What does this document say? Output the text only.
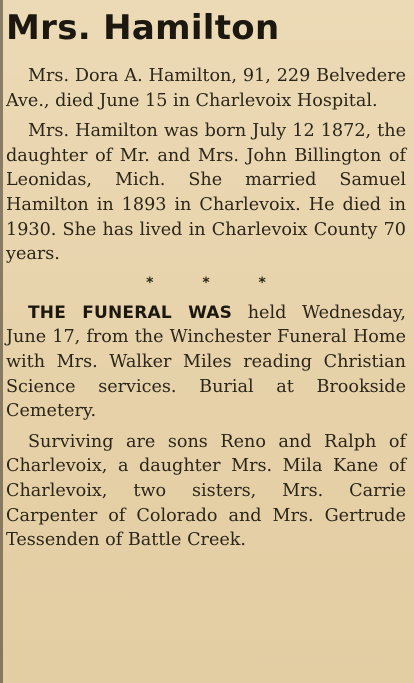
Mrs. Hamilton

Mrs. Dora A. Hamilton, 91, 229 Belvedere Ave., died June 15 in Charlevoix Hospital.

Mrs. Hamilton was born July 12 1872, the daughter of Mr. and Mrs. John Billington of Leonidas, Mich. She married Samuel Hamilton in 1893 in Charlevoix. He died in 1930. She has lived in Charlevoix County 70 years.

* * *

THE FUNERAL WAS held Wednesday, June 17, from the Winchester Funeral Home with Mrs. Walker Miles reading Christian Science services. Burial at Brookside Cemetery.

Surviving are sons Reno and Ralph of Charlevoix, a daughter Mrs. Mila Kane of Charlevoix, two sisters, Mrs. Carrie Carpenter of Colorado and Mrs. Gertrude Tessenden of Battle Creek.
